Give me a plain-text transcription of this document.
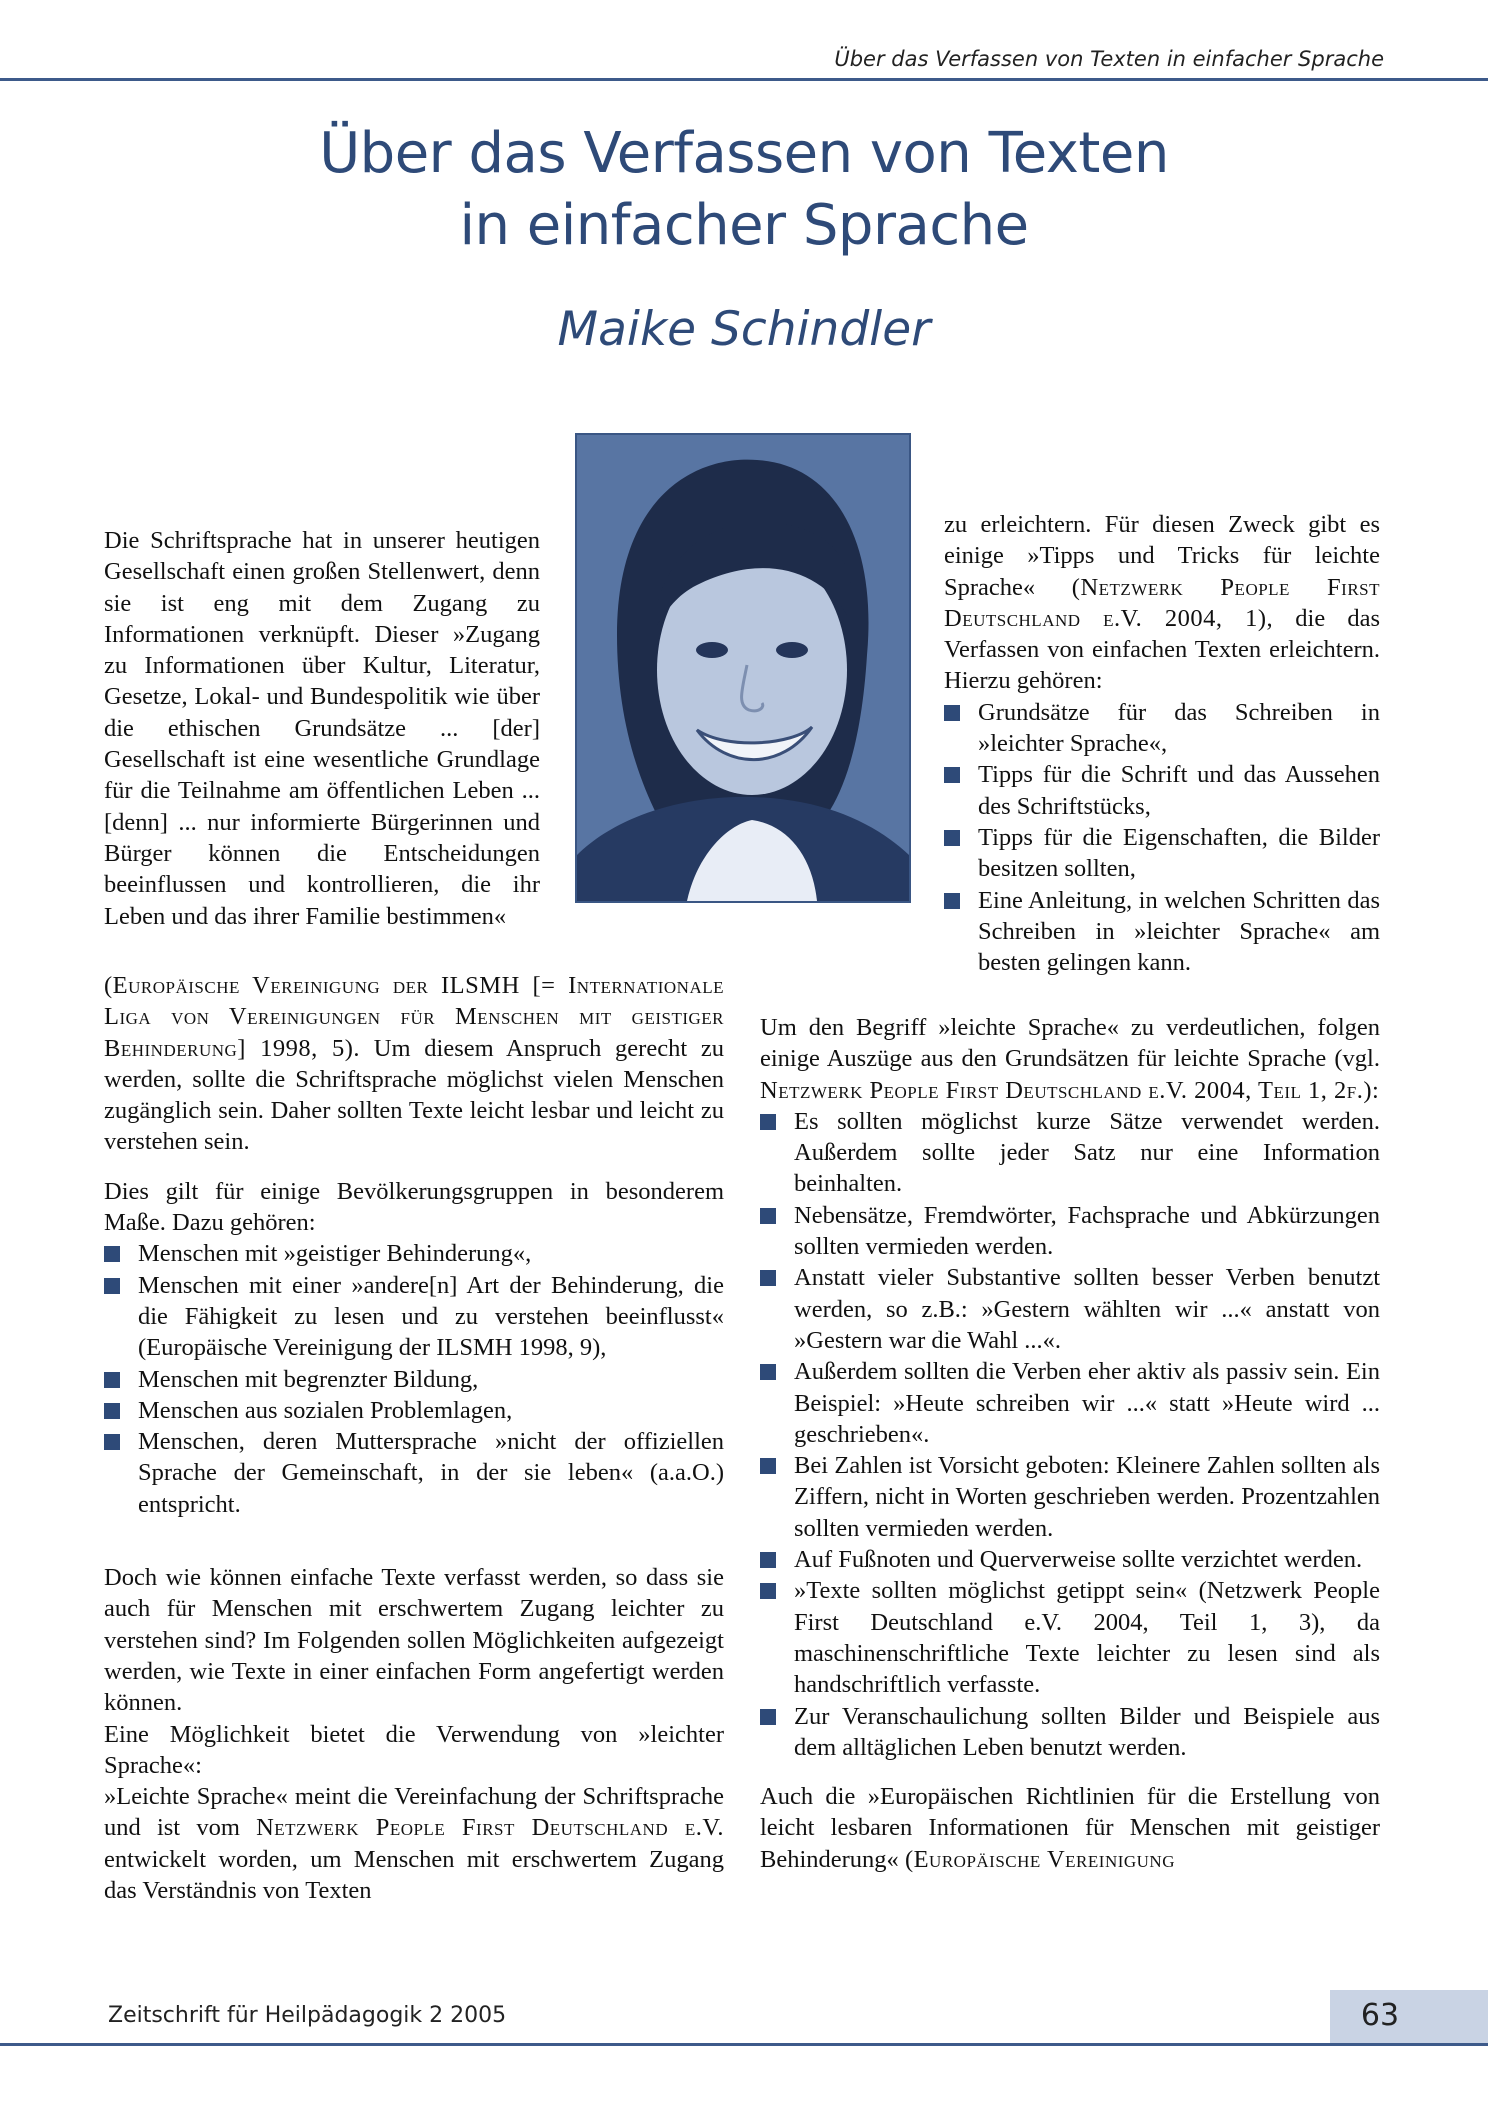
Über das Verfassen von Texten in einfacher Sprache
Über das Verfassen von Texten
in einfacher Sprache
Maike Schindler

Die Schriftsprache hat in unserer heutigen Gesellschaft einen großen Stellenwert, denn sie ist eng mit dem Zugang zu Informationen verknüpft. Dieser »Zugang zu Informationen über Kultur, Literatur, Gesetze, Lokal- und Bundespolitik wie über die ethischen Grundsätze ... [der] Gesellschaft ist eine wesentliche Grundlage für die Teilnahme am öffentlichen Leben ... [denn] ... nur informierte Bürgerinnen und Bürger können die Entscheidungen beeinflussen und kontrollieren, die ihr Leben und das ihrer Familie bestimmen«

(Europäische Vereinigung der ILSMH [= Internationale Liga von Vereinigungen für Menschen mit geistiger Behinderung] 1998, 5). Um diesem Anspruch gerecht zu werden, sollte die Schriftsprache möglichst vielen Menschen zugänglich sein. Daher sollten Texte leicht lesbar und leicht zu verstehen sein.

Dies gilt für einige Bevölkerungsgruppen in besonderem Maße. Dazu gehören:

Menschen mit »geistiger Behinderung«,
Menschen mit einer »andere[n] Art der Behinderung, die die Fähigkeit zu lesen und zu verstehen beeinflusst« (Europäische Vereinigung der ILSMH 1998, 9),
Menschen mit begrenzter Bildung,
Menschen aus sozialen Problemlagen,
Menschen, deren Muttersprache »nicht der offiziellen Sprache der Gemeinschaft, in der sie leben« (a.a.O.) entspricht.

Doch wie können einfache Texte verfasst werden, so dass sie auch für Menschen mit erschwertem Zugang leichter zu verstehen sind? Im Folgenden sollen Möglichkeiten aufgezeigt werden, wie Texte in einer einfachen Form angefertigt werden können.

Eine Möglichkeit bietet die Verwendung von »leichter Sprache«:

»Leichte Sprache« meint die Vereinfachung der Schriftsprache und ist vom Netzwerk People First Deutschland e.V. entwickelt worden, um Menschen mit erschwertem Zugang das Verständnis von Texten

zu erleichtern. Für diesen Zweck gibt es einige »Tipps und Tricks für leichte Sprache« (Netzwerk People First Deutschland e.V. 2004, 1), die das Verfassen von einfachen Texten erleichtern. Hierzu gehören:

Grundsätze für das Schreiben in »leichter Sprache«,
Tipps für die Schrift und das Aussehen des Schriftstücks,
Tipps für die Eigenschaften, die Bilder besitzen sollten,
Eine Anleitung, in welchen Schritten das Schreiben in »leichter Sprache« am besten gelingen kann.

Um den Begriff »leichte Sprache« zu verdeutlichen, folgen einige Auszüge aus den Grundsätzen für leichte Sprache (vgl. Netzwerk People First Deutschland e.V. 2004, Teil 1, 2f.):

Es sollten möglichst kurze Sätze verwendet werden. Außerdem sollte jeder Satz nur eine Information beinhalten.
Nebensätze, Fremdwörter, Fachsprache und Abkürzungen sollten vermieden werden.
Anstatt vieler Substantive sollten besser Verben benutzt werden, so z.B.: »Gestern wählten wir ...« anstatt von »Gestern war die Wahl ...«.
Außerdem sollten die Verben eher aktiv als passiv sein. Ein Beispiel: »Heute schreiben wir ...« statt »Heute wird ... geschrieben«.
Bei Zahlen ist Vorsicht geboten: Kleinere Zahlen sollten als Ziffern, nicht in Worten geschrieben werden. Prozentzahlen sollten vermieden werden.
Auf Fußnoten und Querverweise sollte verzichtet werden.
»Texte sollten möglichst getippt sein« (Netzwerk People First Deutschland e.V. 2004, Teil 1, 3), da maschinenschriftliche Texte leichter zu lesen sind als handschriftlich verfasste.
Zur Veranschaulichung sollten Bilder und Beispiele aus dem alltäglichen Leben benutzt werden.

Auch die »Europäischen Richtlinien für die Erstellung von leicht lesbaren Informationen für Menschen mit geistiger Behinderung« (Europäische Vereinigung

63
Zeitschrift für Heilpädagogik 2 2005
